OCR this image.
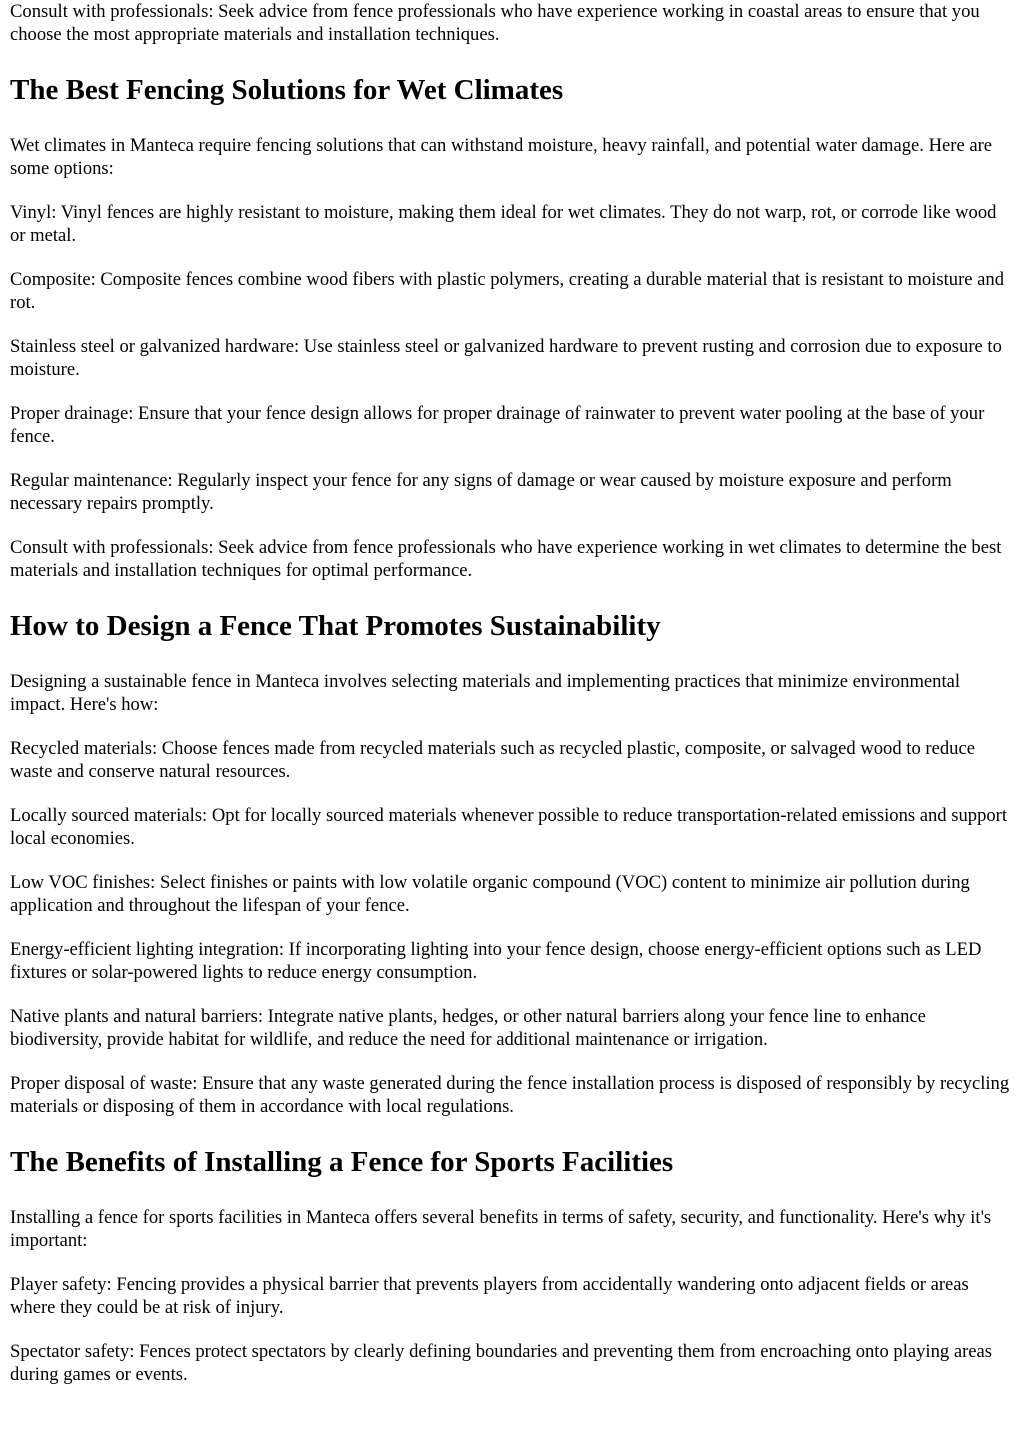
Consult with professionals: Seek advice from fence professionals who have experience working in coastal areas to ensure that you choose the most appropriate materials and installation techniques.

The Best Fencing Solutions for Wet Climates

Wet climates in Manteca require fencing solutions that can withstand moisture, heavy rainfall, and potential water damage. Here are some options:

Vinyl: Vinyl fences are highly resistant to moisture, making them ideal for wet climates. They do not warp, rot, or corrode like wood or metal.

Composite: Composite fences combine wood fibers with plastic polymers, creating a durable material that is resistant to moisture and rot.

Stainless steel or galvanized hardware: Use stainless steel or galvanized hardware to prevent rusting and corrosion due to exposure to moisture.

Proper drainage: Ensure that your fence design allows for proper drainage of rainwater to prevent water pooling at the base of your fence.

Regular maintenance: Regularly inspect your fence for any signs of damage or wear caused by moisture exposure and perform necessary repairs promptly.

Consult with professionals: Seek advice from fence professionals who have experience working in wet climates to determine the best materials and installation techniques for optimal performance.

How to Design a Fence That Promotes Sustainability

Designing a sustainable fence in Manteca involves selecting materials and implementing practices that minimize environmental impact. Here's how:

Recycled materials: Choose fences made from recycled materials such as recycled plastic, composite, or salvaged wood to reduce waste and conserve natural resources.

Locally sourced materials: Opt for locally sourced materials whenever possible to reduce transportation-related emissions and support local economies.

Low VOC finishes: Select finishes or paints with low volatile organic compound (VOC) content to minimize air pollution during application and throughout the lifespan of your fence.

Energy-efficient lighting integration: If incorporating lighting into your fence design, choose energy-efficient options such as LED fixtures or solar-powered lights to reduce energy consumption.

Native plants and natural barriers: Integrate native plants, hedges, or other natural barriers along your fence line to enhance biodiversity, provide habitat for wildlife, and reduce the need for additional maintenance or irrigation.

Proper disposal of waste: Ensure that any waste generated during the fence installation process is disposed of responsibly by recycling materials or disposing of them in accordance with local regulations.

The Benefits of Installing a Fence for Sports Facilities

Installing a fence for sports facilities in Manteca offers several benefits in terms of safety, security, and functionality. Here's why it's important:

Player safety: Fencing provides a physical barrier that prevents players from accidentally wandering onto adjacent fields or areas where they could be at risk of injury.

Spectator safety: Fences protect spectators by clearly defining boundaries and preventing them from encroaching onto playing areas during games or events.
